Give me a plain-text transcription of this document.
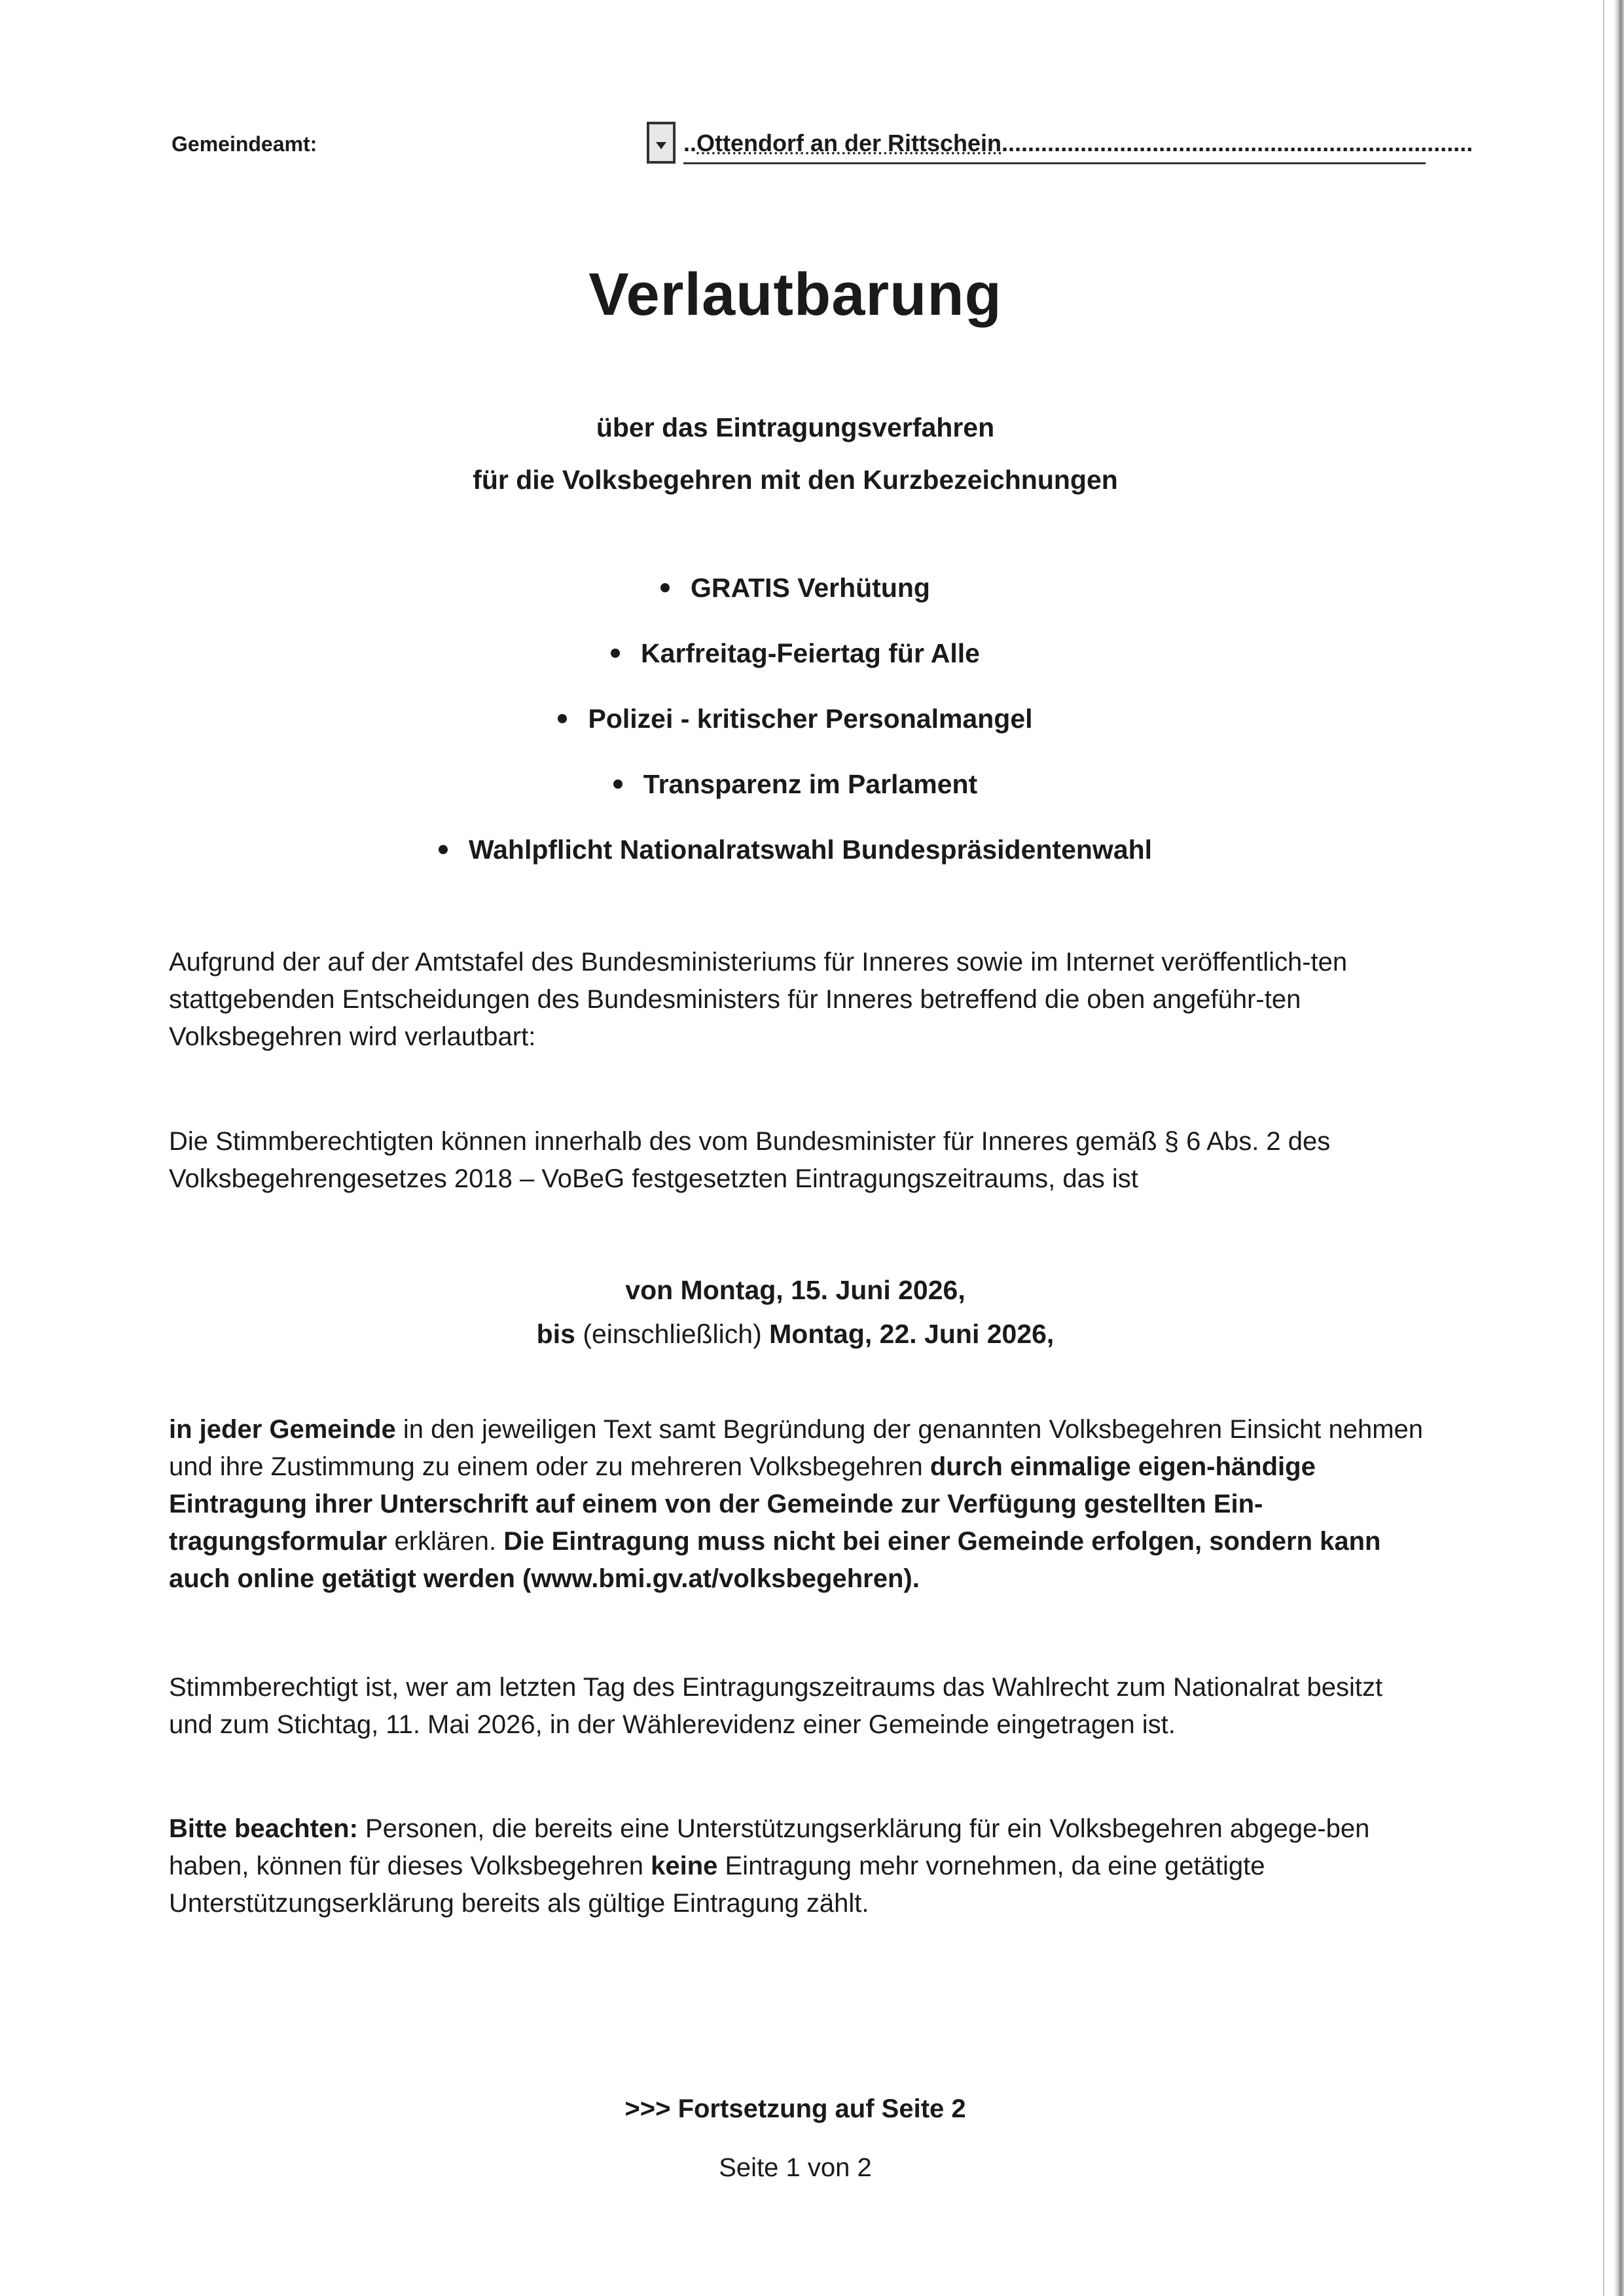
Gemeindeamt:	..Ottendorf an der Rittschein........................................................................
Verlautbarung
über das Eintragungsverfahren
für die Volksbegehren mit den Kurzbezeichnungen
GRATIS Verhütung
Karfreitag-Feiertag für Alle
Polizei - kritischer Personalmangel
Transparenz im Parlament
Wahlpflicht Nationalratswahl Bundespräsidentenwahl

Aufgrund der auf der Amtstafel des Bundesministeriums für Inneres sowie im Internet veröffentlich-ten stattgebenden Entscheidungen des Bundesministers für Inneres betreffend die oben angeführ-ten Volksbegehren wird verlautbart:

Die Stimmberechtigten können innerhalb des vom Bundesminister für Inneres gemäß § 6 Abs. 2 des Volksbegehrengesetzes 2018 – VoBeG festgesetzten Eintragungszeitraums, das ist

von Montag, 15. Juni 2026,
bis (einschließlich) Montag, 22. Juni 2026,

in jeder Gemeinde in den jeweiligen Text samt Begründung der genannten Volksbegehren Einsicht nehmen und ihre Zustimmung zu einem oder zu mehreren Volksbegehren durch einmalige eigen-händige Eintragung ihrer Unterschrift auf einem von der Gemeinde zur Verfügung gestellten Ein-tragungsformular erklären. Die Eintragung muss nicht bei einer Gemeinde erfolgen, sondern kann auch online getätigt werden (www.bmi.gv.at/volksbegehren).

Stimmberechtigt ist, wer am letzten Tag des Eintragungszeitraums das Wahlrecht zum Nationalrat besitzt und zum Stichtag, 11. Mai 2026, in der Wählerevidenz einer Gemeinde eingetragen ist.

Bitte beachten: Personen, die bereits eine Unterstützungserklärung für ein Volksbegehren abgege-ben haben, können für dieses Volksbegehren keine Eintragung mehr vornehmen, da eine getätigte Unterstützungserklärung bereits als gültige Eintragung zählt.

>>> Fortsetzung auf Seite 2
Seite 1 von 2
